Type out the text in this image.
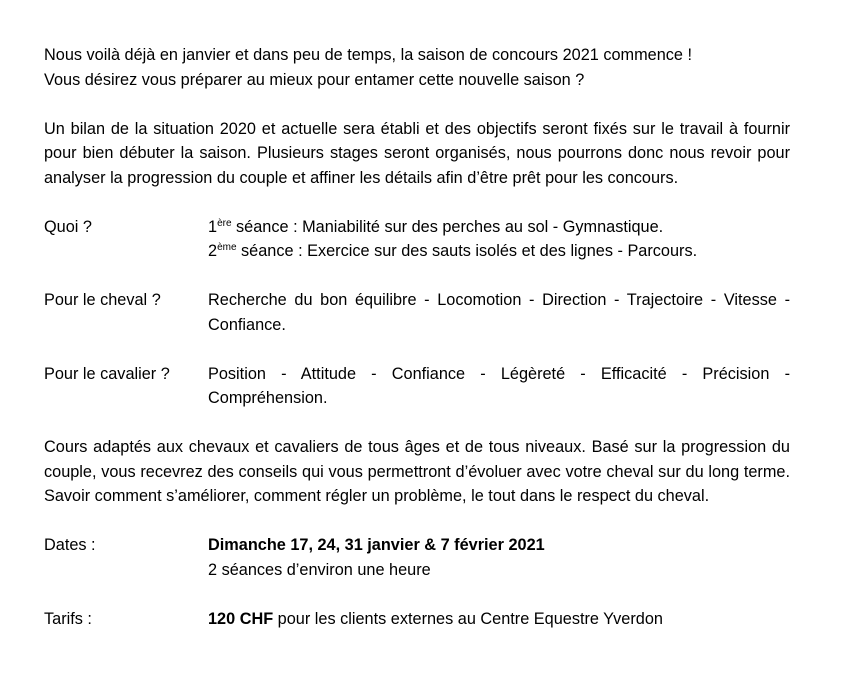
Nous voilà déjà en janvier et dans peu de temps, la saison de concours 2021 commence !
Vous désirez vous préparer au mieux pour entamer cette nouvelle saison ?

Un bilan de la situation 2020 et actuelle sera établi et des objectifs seront fixés sur le travail à fournir pour bien débuter la saison. Plusieurs stages seront organisés, nous pourrons donc nous revoir pour analyser la progression du couple et affiner les détails afin d’être prêt pour les concours.

Quoi ?	1ère séance : Maniabilité sur des perches au sol - Gymnastique.
2ème séance : Exercice sur des sauts isolés et des lignes - Parcours.
Pour le cheval ?	Recherche du bon équilibre - Locomotion - Direction - Trajectoire - Vitesse - Confiance.
Pour le cavalier ?	Position - Attitude - Confiance - Légèreté - Efficacité - Précision - Compréhension.

Cours adaptés aux chevaux et cavaliers de tous âges et de tous niveaux. Basé sur la progression du couple, vous recevrez des conseils qui vous permettront d’évoluer avec votre cheval sur du long terme. Savoir comment s’améliorer, comment régler un problème, le tout dans le respect du cheval.

Dates :	Dimanche 17, 24, 31 janvier & 7 février 2021
2 séances d’environ une heure
Tarifs :	120 CHF pour les clients externes au Centre Equestre Yverdon
